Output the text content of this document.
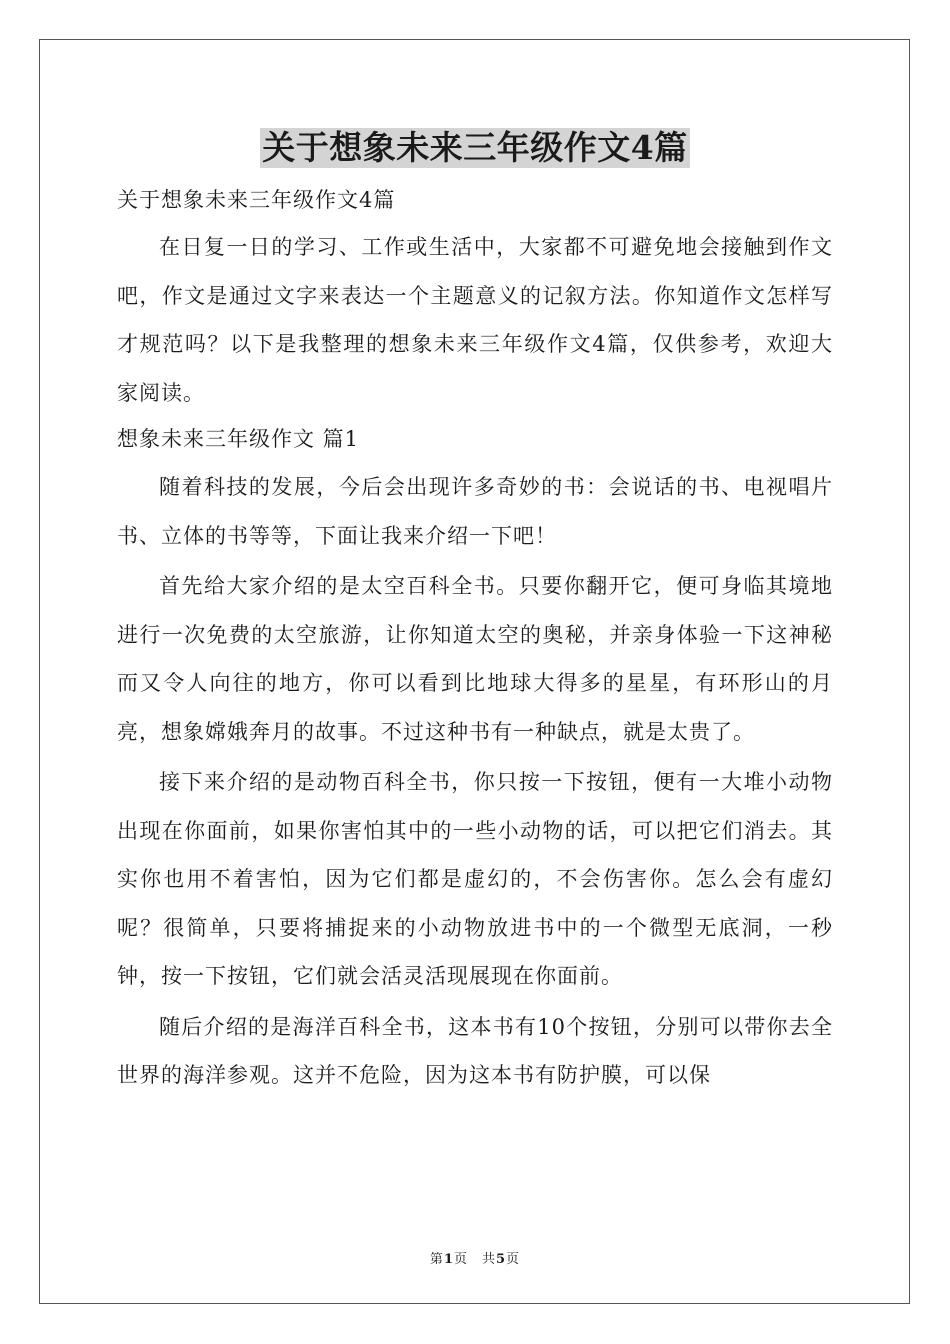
关于想象未来三年级作文4篇

关于想象未来三年级作文4篇

在日复一日的学习、工作或生活中，大家都不可避免地会接触到作文吧，作文是通过文字来表达一个主题意义的记叙方法。你知道作文怎样写才规范吗？以下是我整理的想象未来三年级作文4篇，仅供参考，欢迎大家阅读。

想象未来三年级作文 篇1

随着科技的发展，今后会出现许多奇妙的书：会说话的书、电视唱片书、立体的书等等，下面让我来介绍一下吧！

首先给大家介绍的是太空百科全书。只要你翻开它，便可身临其境地进行一次免费的太空旅游，让你知道太空的奥秘，并亲身体验一下这神秘而又令人向往的地方，你可以看到比地球大得多的星星，有环形山的月亮，想象嫦娥奔月的故事。不过这种书有一种缺点，就是太贵了。

接下来介绍的是动物百科全书，你只按一下按钮，便有一大堆小动物出现在你面前，如果你害怕其中的一些小动物的话，可以把它们消去。其实你也用不着害怕，因为它们都是虚幻的，不会伤害你。怎么会有虚幻呢？很简单，只要将捕捉来的小动物放进书中的一个微型无底洞，一秒钟，按一下按钮，它们就会活灵活现展现在你面前。

随后介绍的是海洋百科全书，这本书有10个按钮，分别可以带你去全世界的海洋参观。这并不危险，因为这本书有防护膜，可以保

第1页　共5页
